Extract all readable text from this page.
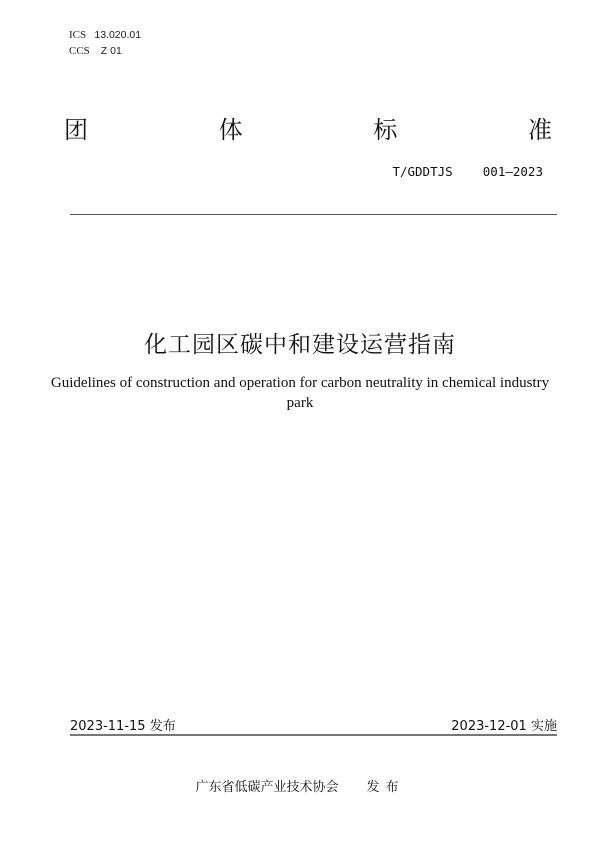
ICS 13.020.01
CCS Z 01
团	体	标	准
T/GDDTJS 001—2023
化工园区碳中和建设运营指南
Guidelines of construction and operation for carbon neutrality in chemical industry park
2023-11-15 发布	2023-12-01 实施
广东省低碳产业技术协会 发布
